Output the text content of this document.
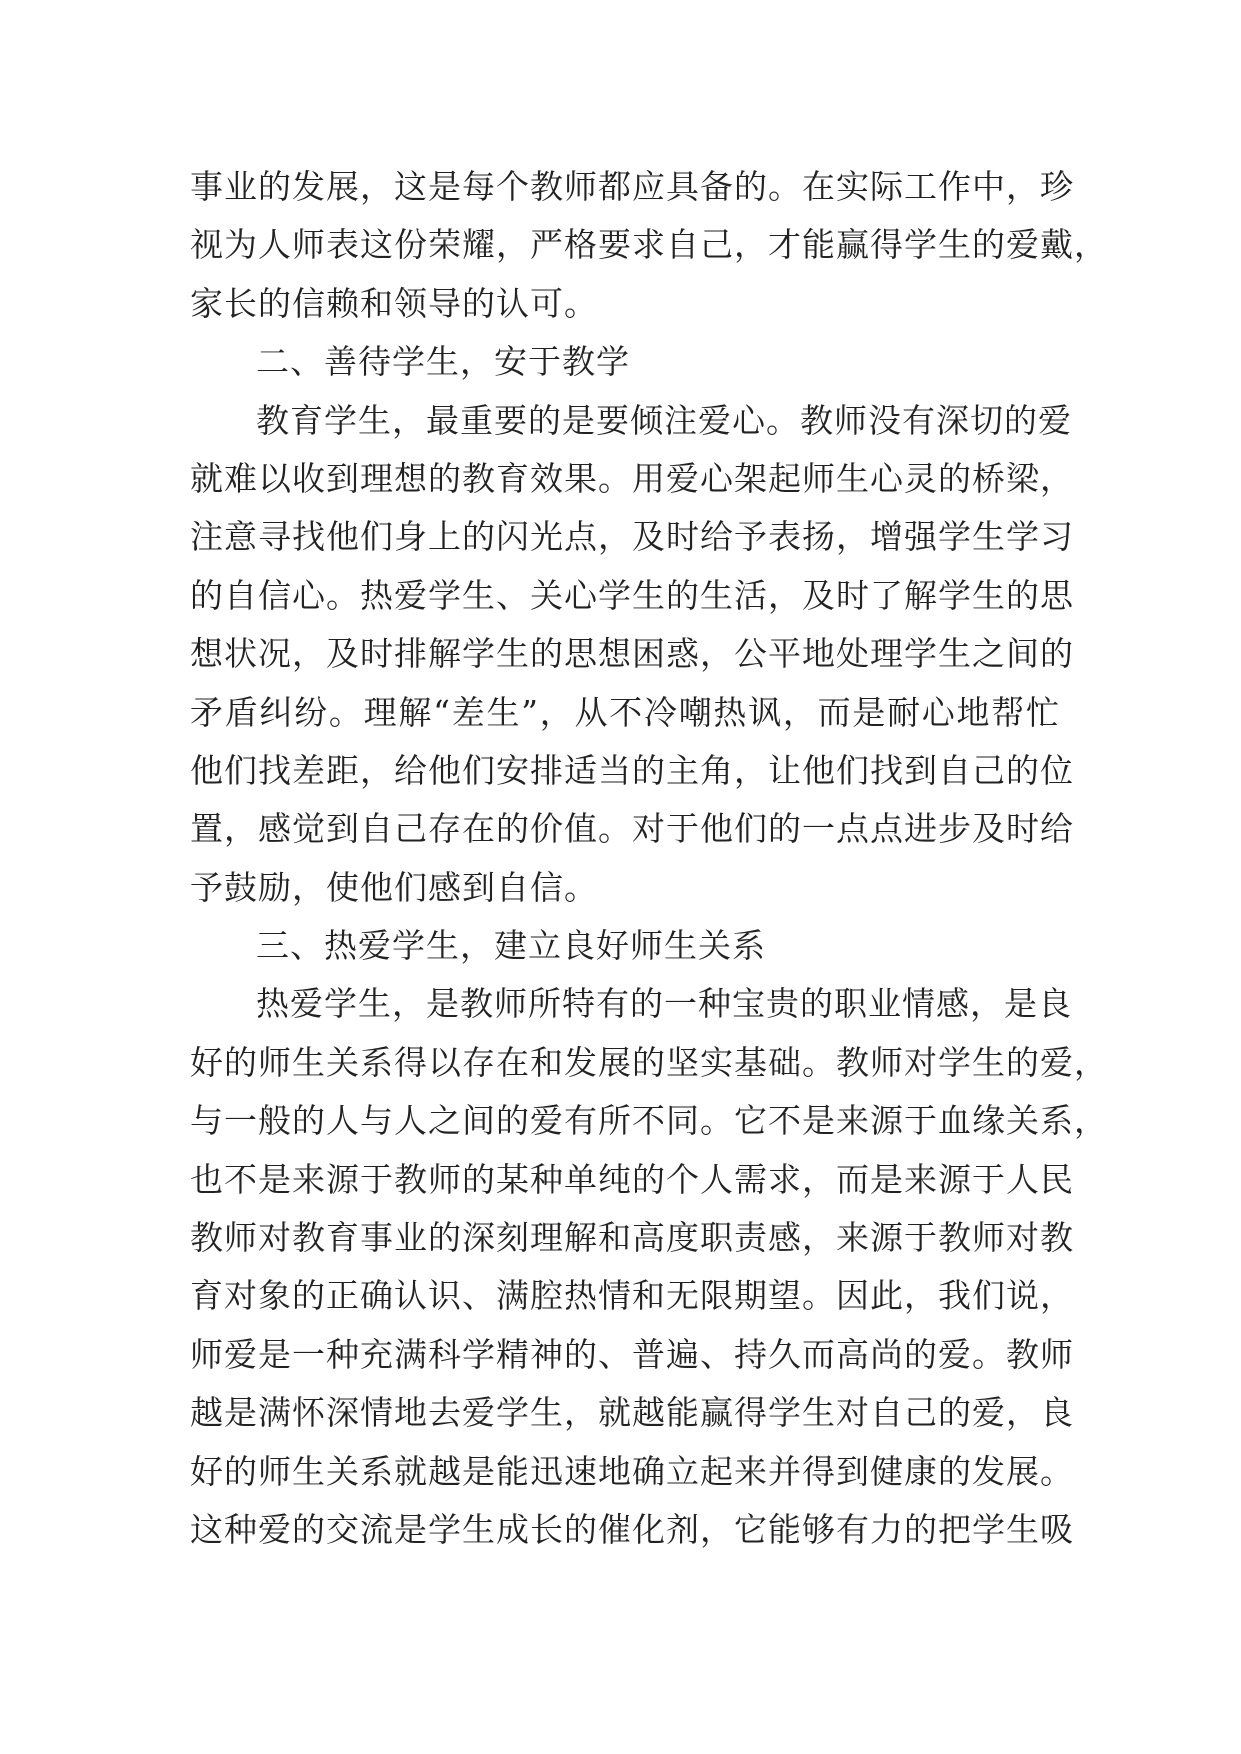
事业的发展，这是每个教师都应具备的。在实际工作中，珍
视为人师表这份荣耀，严格要求自己，才能赢得学生的爱戴，
家长的信赖和领导的认可。
二、善待学生，安于教学
教育学生，最重要的是要倾注爱心。教师没有深切的爱
就难以收到理想的教育效果。用爱心架起师生心灵的桥梁，
注意寻找他们身上的闪光点，及时给予表扬，增强学生学习
的自信心。热爱学生、关心学生的生活，及时了解学生的思
想状况，及时排解学生的思想困惑，公平地处理学生之间的
矛盾纠纷。理解“差生”，从不冷嘲热讽，而是耐心地帮忙
他们找差距，给他们安排适当的主角，让他们找到自己的位
置，感觉到自己存在的价值。对于他们的一点点进步及时给
予鼓励，使他们感到自信。
三、热爱学生，建立良好师生关系
热爱学生，是教师所特有的一种宝贵的职业情感，是良
好的师生关系得以存在和发展的坚实基础。教师对学生的爱，
与一般的人与人之间的爱有所不同。它不是来源于血缘关系，
也不是来源于教师的某种单纯的个人需求，而是来源于人民
教师对教育事业的深刻理解和高度职责感，来源于教师对教
育对象的正确认识、满腔热情和无限期望。因此，我们说，
师爱是一种充满科学精神的、普遍、持久而高尚的爱。教师
越是满怀深情地去爱学生，就越能赢得学生对自己的爱，良
好的师生关系就越是能迅速地确立起来并得到健康的发展。
这种爱的交流是学生成长的催化剂，它能够有力的把学生吸
